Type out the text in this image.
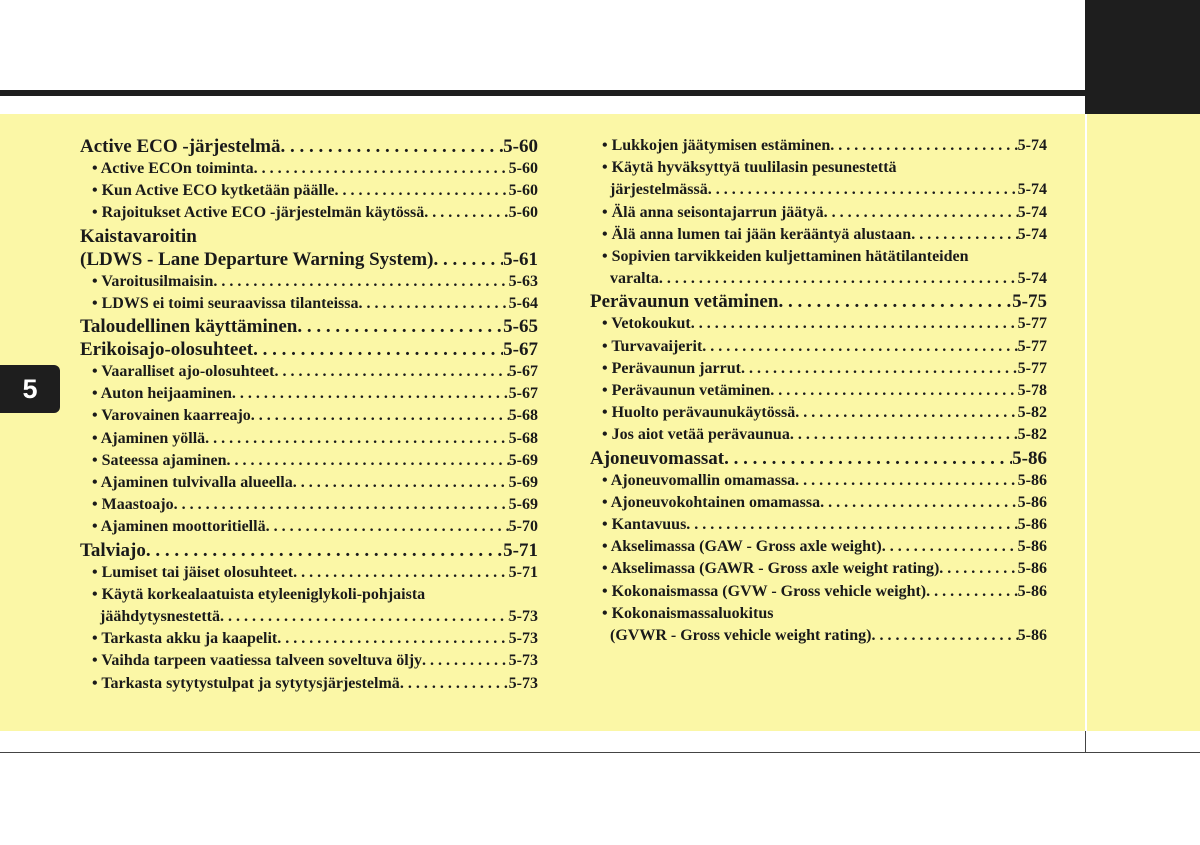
5
Active ECO -järjestelmä . . .	5-60
• Active ECOn toiminta . . .	5-60
• Kun Active ECO kytketään päälle . . .	5-60
• Rajoitukset Active ECO -järjestelmän käytössä . . .	5-60
Kaistavaroitin
(LDWS - Lane Departure Warning System) . . .	5-61
• Varoitusilmaisin . . .	5-63
• LDWS ei toimi seuraavissa tilanteissa . . .	5-64
Taloudellinen käyttäminen . . .	5-65
Erikoisajo-olosuhteet . . .	5-67
• Vaaralliset ajo-olosuhteet . . .	5-67
• Auton heijaaminen . . .	5-67
• Varovainen kaarreajo . . .	5-68
• Ajaminen yöllä . . .	5-68
• Sateessa ajaminen . . .	5-69
• Ajaminen tulvivalla alueella . . .	5-69
• Maastoajo . . .	5-69
• Ajaminen moottoritiellä . . .	5-70
Talviajo . . .	5-71
• Lumiset tai jäiset olosuhteet . . .	5-71
• Käytä korkealaatuista etyleeniglykoli-pohjaista
 jäähdytysnestettä . . .	5-73
• Tarkasta akku ja kaapelit . . .	5-73
• Vaihda tarpeen vaatiessa talveen soveltuva öljy . . .	5-73
• Tarkasta sytytystulpat ja sytytysjärjestelmä . . .	5-73
• Lukkojen jäätymisen estäminen . . .	5-74
• Käytä hyväksyttyä tuulilasin pesunestettä
 järjestelmässä . . .	5-74
• Älä anna seisontajarrun jäätyä . . .	5-74
• Älä anna lumen tai jään kerääntyä alustaan . . .	5-74
• Sopivien tarvikkeiden kuljettaminen hätätilanteiden
 varalta . . .	5-74
Perävaunun vetäminen . . .	5-75
• Vetokoukut . . .	5-77
• Turvavaijerit . . .	5-77
• Perävaunun jarrut . . .	5-77
• Perävaunun vetäminen . . .	5-78
• Huolto perävaunukäytössä . . .	5-82
• Jos aiot vetää perävaunua . . .	5-82
Ajoneuvomassat . . .	5-86
• Ajoneuvomallin omamassa . . .	5-86
• Ajoneuvokohtainen omamassa . . .	5-86
• Kantavuus . . .	5-86
• Akselimassa (GAW - Gross axle weight) . . .	5-86
• Akselimassa (GAWR - Gross axle weight rating) . . .	5-86
• Kokonaismassa (GVW - Gross vehicle weight) . . .	5-86
• Kokonaismassaluokitus
 (GVWR - Gross vehicle weight rating) . . .	5-86
